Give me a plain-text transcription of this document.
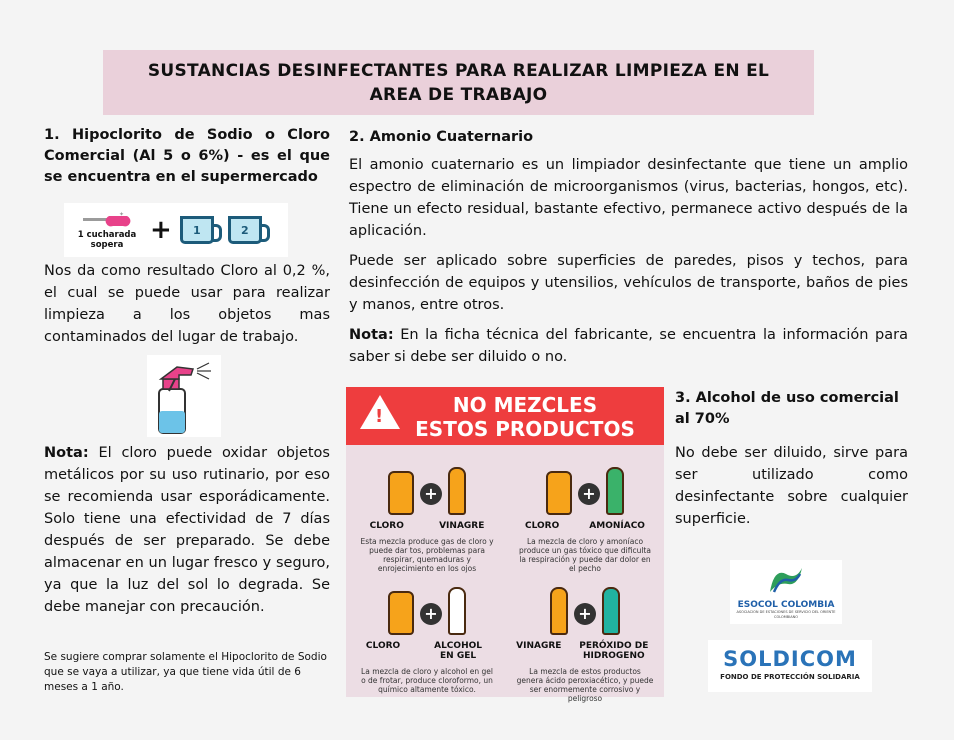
SUSTANCIAS DESINFECTANTES PARA REALIZAR LIMPIEZA EN EL
AREA DE TRABAJO
1. Hipoclorito de Sodio o Cloro Comercial (Al 5 o 6%) - es el que se encuentra en el supermercado
✦
1 cucharada
sopera +	1	2
Nos da como resultado Cloro al 0,2 %, el cual se puede usar para realizar limpieza a los objetos mas contaminados del lugar de trabajo.
Nota: El cloro puede oxidar objetos metálicos por su uso rutinario, por eso se recomienda usar esporádicamente. Solo tiene una efectividad de 7 días después de ser preparado. Se debe almacenar en un lugar fresco y seguro, ya que la luz del sol lo degrada. Se debe manejar con precaución.
Se sugiere comprar solamente el Hipoclorito de Sodio que se vaya a utilizar, ya que tiene vida útil de 6 meses a 1 año.
2. Amonio Cuaternario
El amonio cuaternario es un limpiador desinfectante que tiene un amplio espectro de eliminación de microorganismos (virus, bacterias, hongos, etc). Tiene un efecto residual, bastante efectivo, permanece activo después de la aplicación.
Puede ser aplicado sobre superficies de paredes, pisos y techos, para desinfección de equipos y utensilios, vehículos de transporte, baños de pies y manos, entre otros.
Nota: En la ficha técnica del fabricante, se encuentra la información para saber si debe ser diluido o no.
!	NO MEZCLES
ESTOS PRODUCTOS
+
CLORO	VINAGRE
Esta mezcla produce gas de cloro y puede dar tos, problemas para respirar, quemaduras y enrojecimiento en los ojos
+
CLORO	AMONÍACO
La mezcla de cloro y amoníaco produce un gas tóxico que dificulta la respiración y puede dar dolor en el pecho
+
CLORO	ALCOHOL EN GEL
La mezcla de cloro y alcohol en gel o de frotar, produce cloroformo, un químico altamente tóxico.
+
VINAGRE	PERÓXIDO DE HIDROGENO
La mezcla de estos productos genera ácido peroxiacético, y puede ser enormemente corrosivo y peligroso
3. Alcohol de uso comercial al 70%
No debe ser diluido, sirve para ser utilizado como desinfectante sobre cualquier superficie.
ESOCOL COLOMBIA
ASOCIACION DE ESTACIONES DE SERVICIO DEL ORIENTE COLOMBIANO
SOLDICOM
FONDO DE PROTECCIÓN SOLIDARIA
